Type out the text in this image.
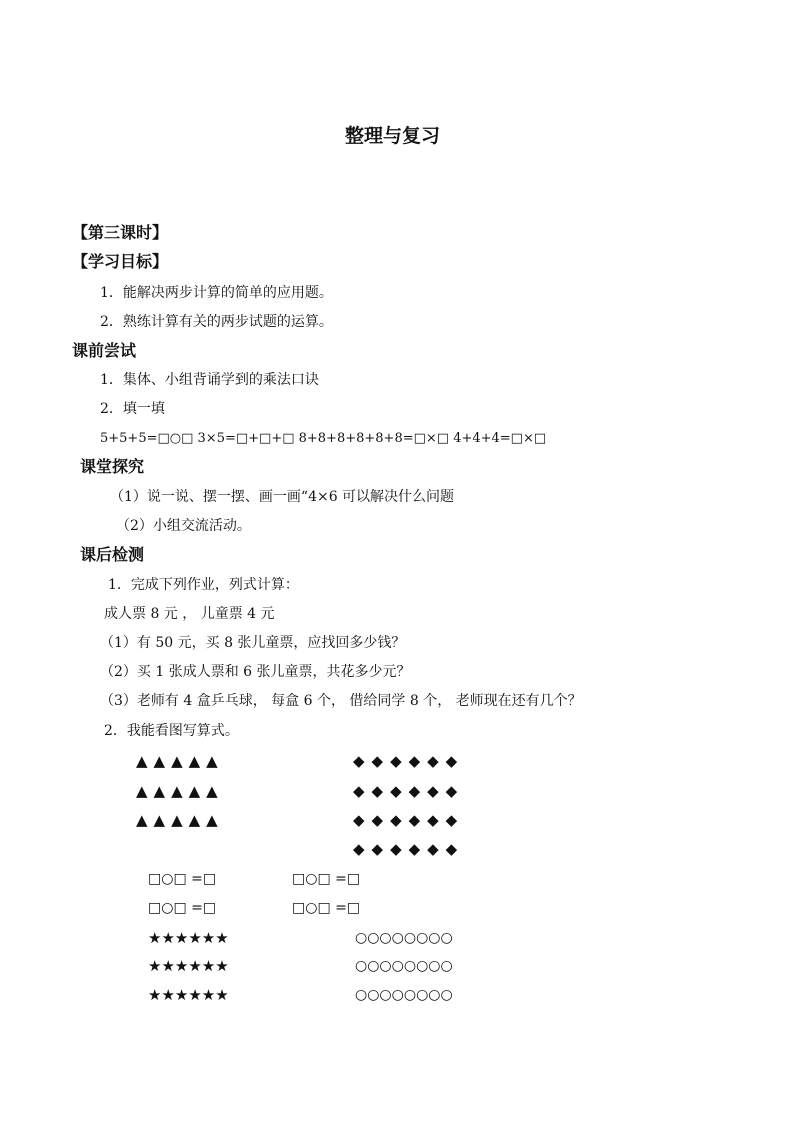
整理与复习
【第三课时】
【学习目标】
1．能解决两步计算的简单的应用题。
2．熟练计算有关的两步试题的运算。
课前尝试
1．集体、小组背诵学到的乘法口诀
2．填一填
5+5+5=□○□ 3×5=□+□+□ 8+8+8+8+8+8=□×□ 4+4+4=□×□
课堂探究
（1）说一说、摆一摆、画一画“4×6 可以解决什么问题
（2）小组交流活动。
课后检测
1．完成下列作业，列式计算：
成人票 8 元 ， 儿童票 4 元
（1）有 50 元，买 8 张儿童票，应找回多少钱？
（2）买 1 张成人票和 6 张儿童票，共花多少元？
（3）老师有 4 盒乒乓球， 每盒 6 个， 借给同学 8 个， 老师现在还有几个？
2．我能看图写算式。
▲▲▲▲▲
▲▲▲▲▲
▲▲▲▲▲
◆◆◆◆◆◆
◆◆◆◆◆◆
◆◆◆◆◆◆
◆◆◆◆◆◆
□○□ =□	□○□ =□
□○□ =□	□○□ =□
★★★★★★
★★★★★★
★★★★★★
○○○○○○○○
○○○○○○○○
○○○○○○○○
